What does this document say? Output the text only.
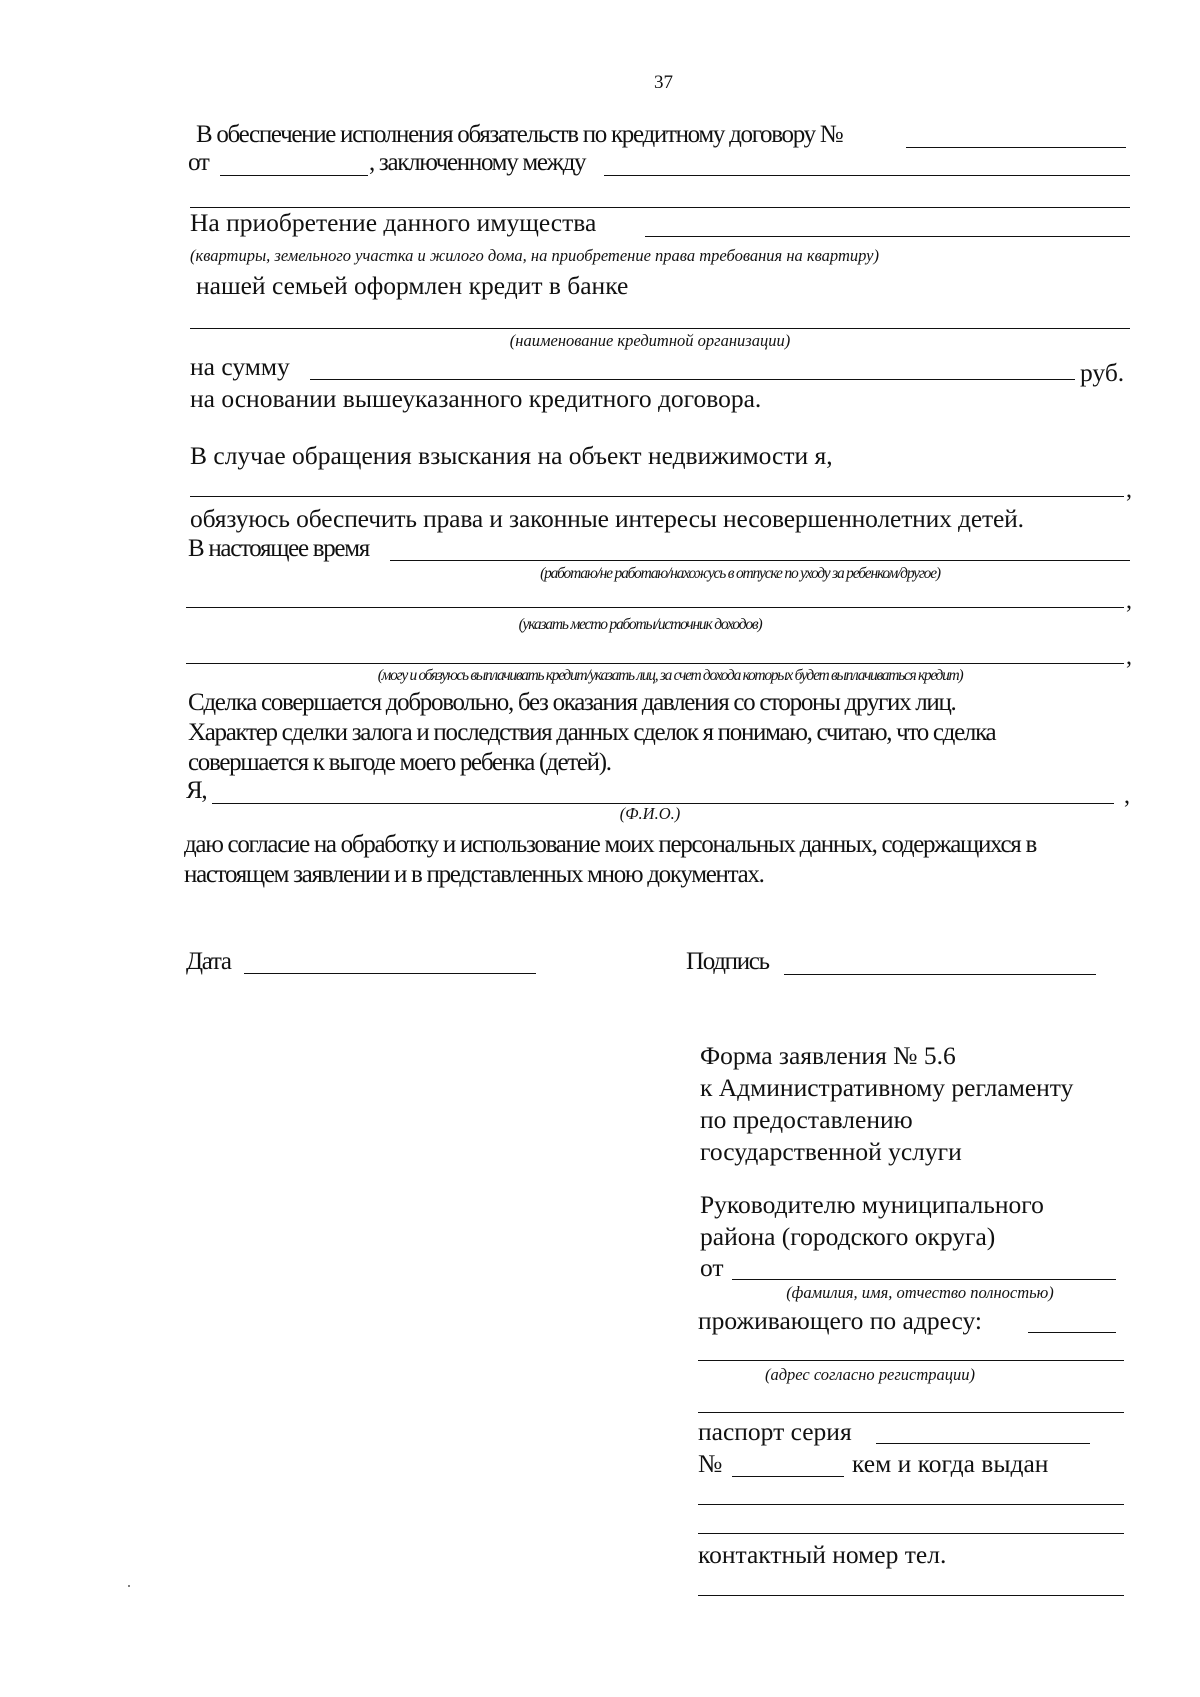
37
В обеспечение исполнения обязательств по кредитному договору №
от	, заключенному между
На приобретение данного имущества
(квартиры, земельного участка и жилого дома, на приобретение права требования на квартиру)
нашей семьей оформлен кредит в банке
(наименование кредитной организации)
на сумму	руб.
на основании вышеуказанного кредитного договора.
В случае обращения взыскания на объект недвижимости я,
,
обязуюсь обеспечить права и законные интересы несовершеннолетних детей.
В настоящее время
(работаю/не работаю/нахожусь в отпуске по уходу за ребенком/другое)
,
(указать место работы/источник доходов)
,
(могу и обязуюсь выплачивать кредит/указать лиц, за счет дохода которых будет выплачиваться кредит)
Сделка совершается добровольно, без оказания давления со стороны других лиц.
Характер сделки залога и последствия данных сделок я понимаю, считаю, что сделка
совершается к выгоде моего ребенка (детей).
Я,	,
(Ф.И.О.)
даю согласие на обработку и использование моих персональных данных, содержащихся в
настоящем заявлении и в представленных мною документах.
Дата	Подпись
Форма заявления № 5.6
к Административному регламенту
по предоставлению
государственной услуги
Руководителю муниципального
района (городского округа)
от
(фамилия, имя, отчество полностью)
проживающего по адресу:
(адрес согласно регистрации)
паспорт серия
№	кем и когда выдан
контактный номер тел.
